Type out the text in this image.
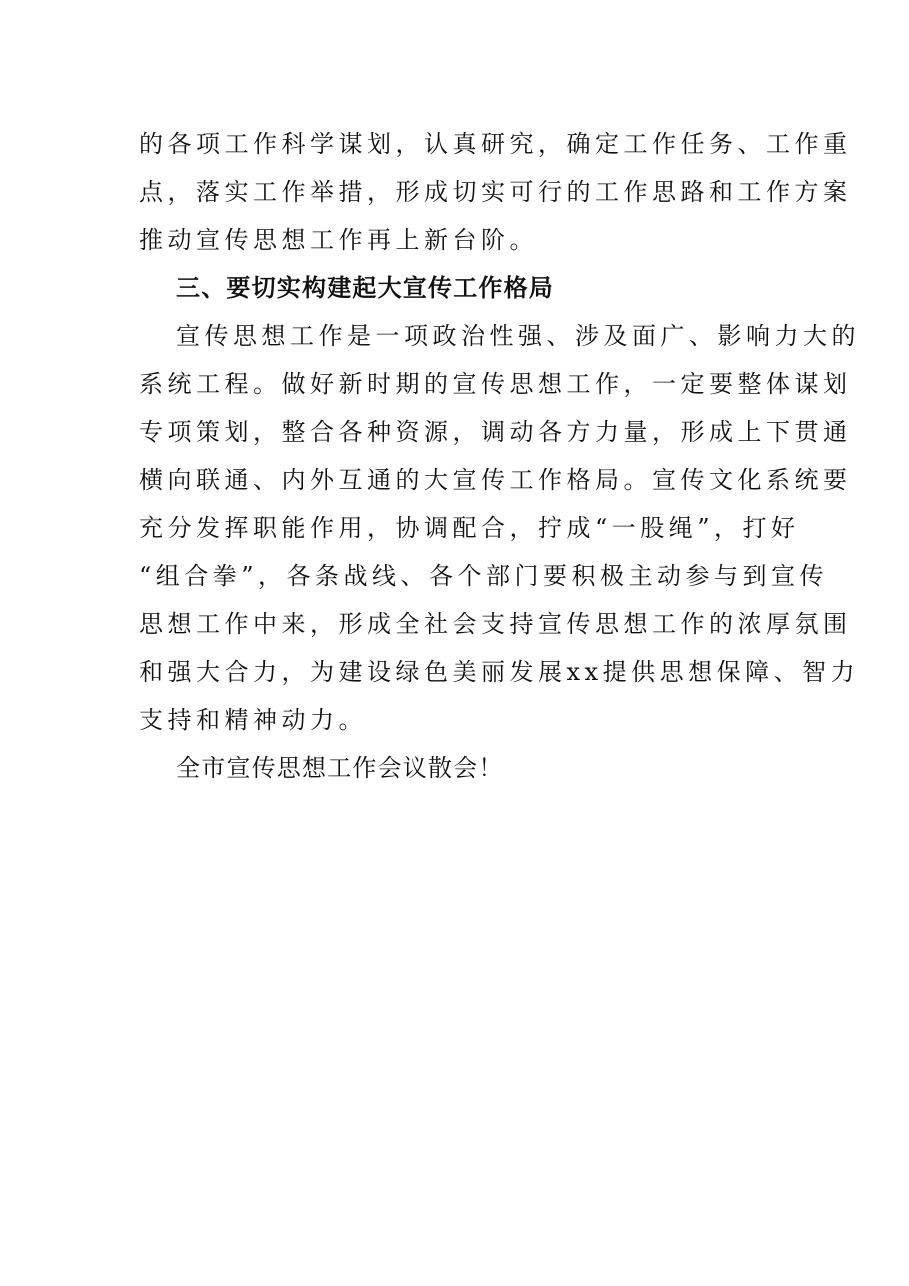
的各项工作科学谋划，认真研究，确定工作任务、工作重
点，落实工作举措，形成切实可行的工作思路和工作方案
推动宣传思想工作再上新台阶。
三、要切实构建起大宣传工作格局
宣传思想工作是一项政治性强、涉及面广、影响力大的
系统工程。做好新时期的宣传思想工作，一定要整体谋划
专项策划，整合各种资源，调动各方力量，形成上下贯通
横向联通、内外互通的大宣传工作格局。宣传文化系统要
充分发挥职能作用，协调配合，拧成“一股绳”，打好
“组合拳”，各条战线、各个部门要积极主动参与到宣传
思想工作中来，形成全社会支持宣传思想工作的浓厚氛围
和强大合力，为建设绿色美丽发展xx提供思想保障、智力
支持和精神动力。
全市宣传思想工作会议散会！
